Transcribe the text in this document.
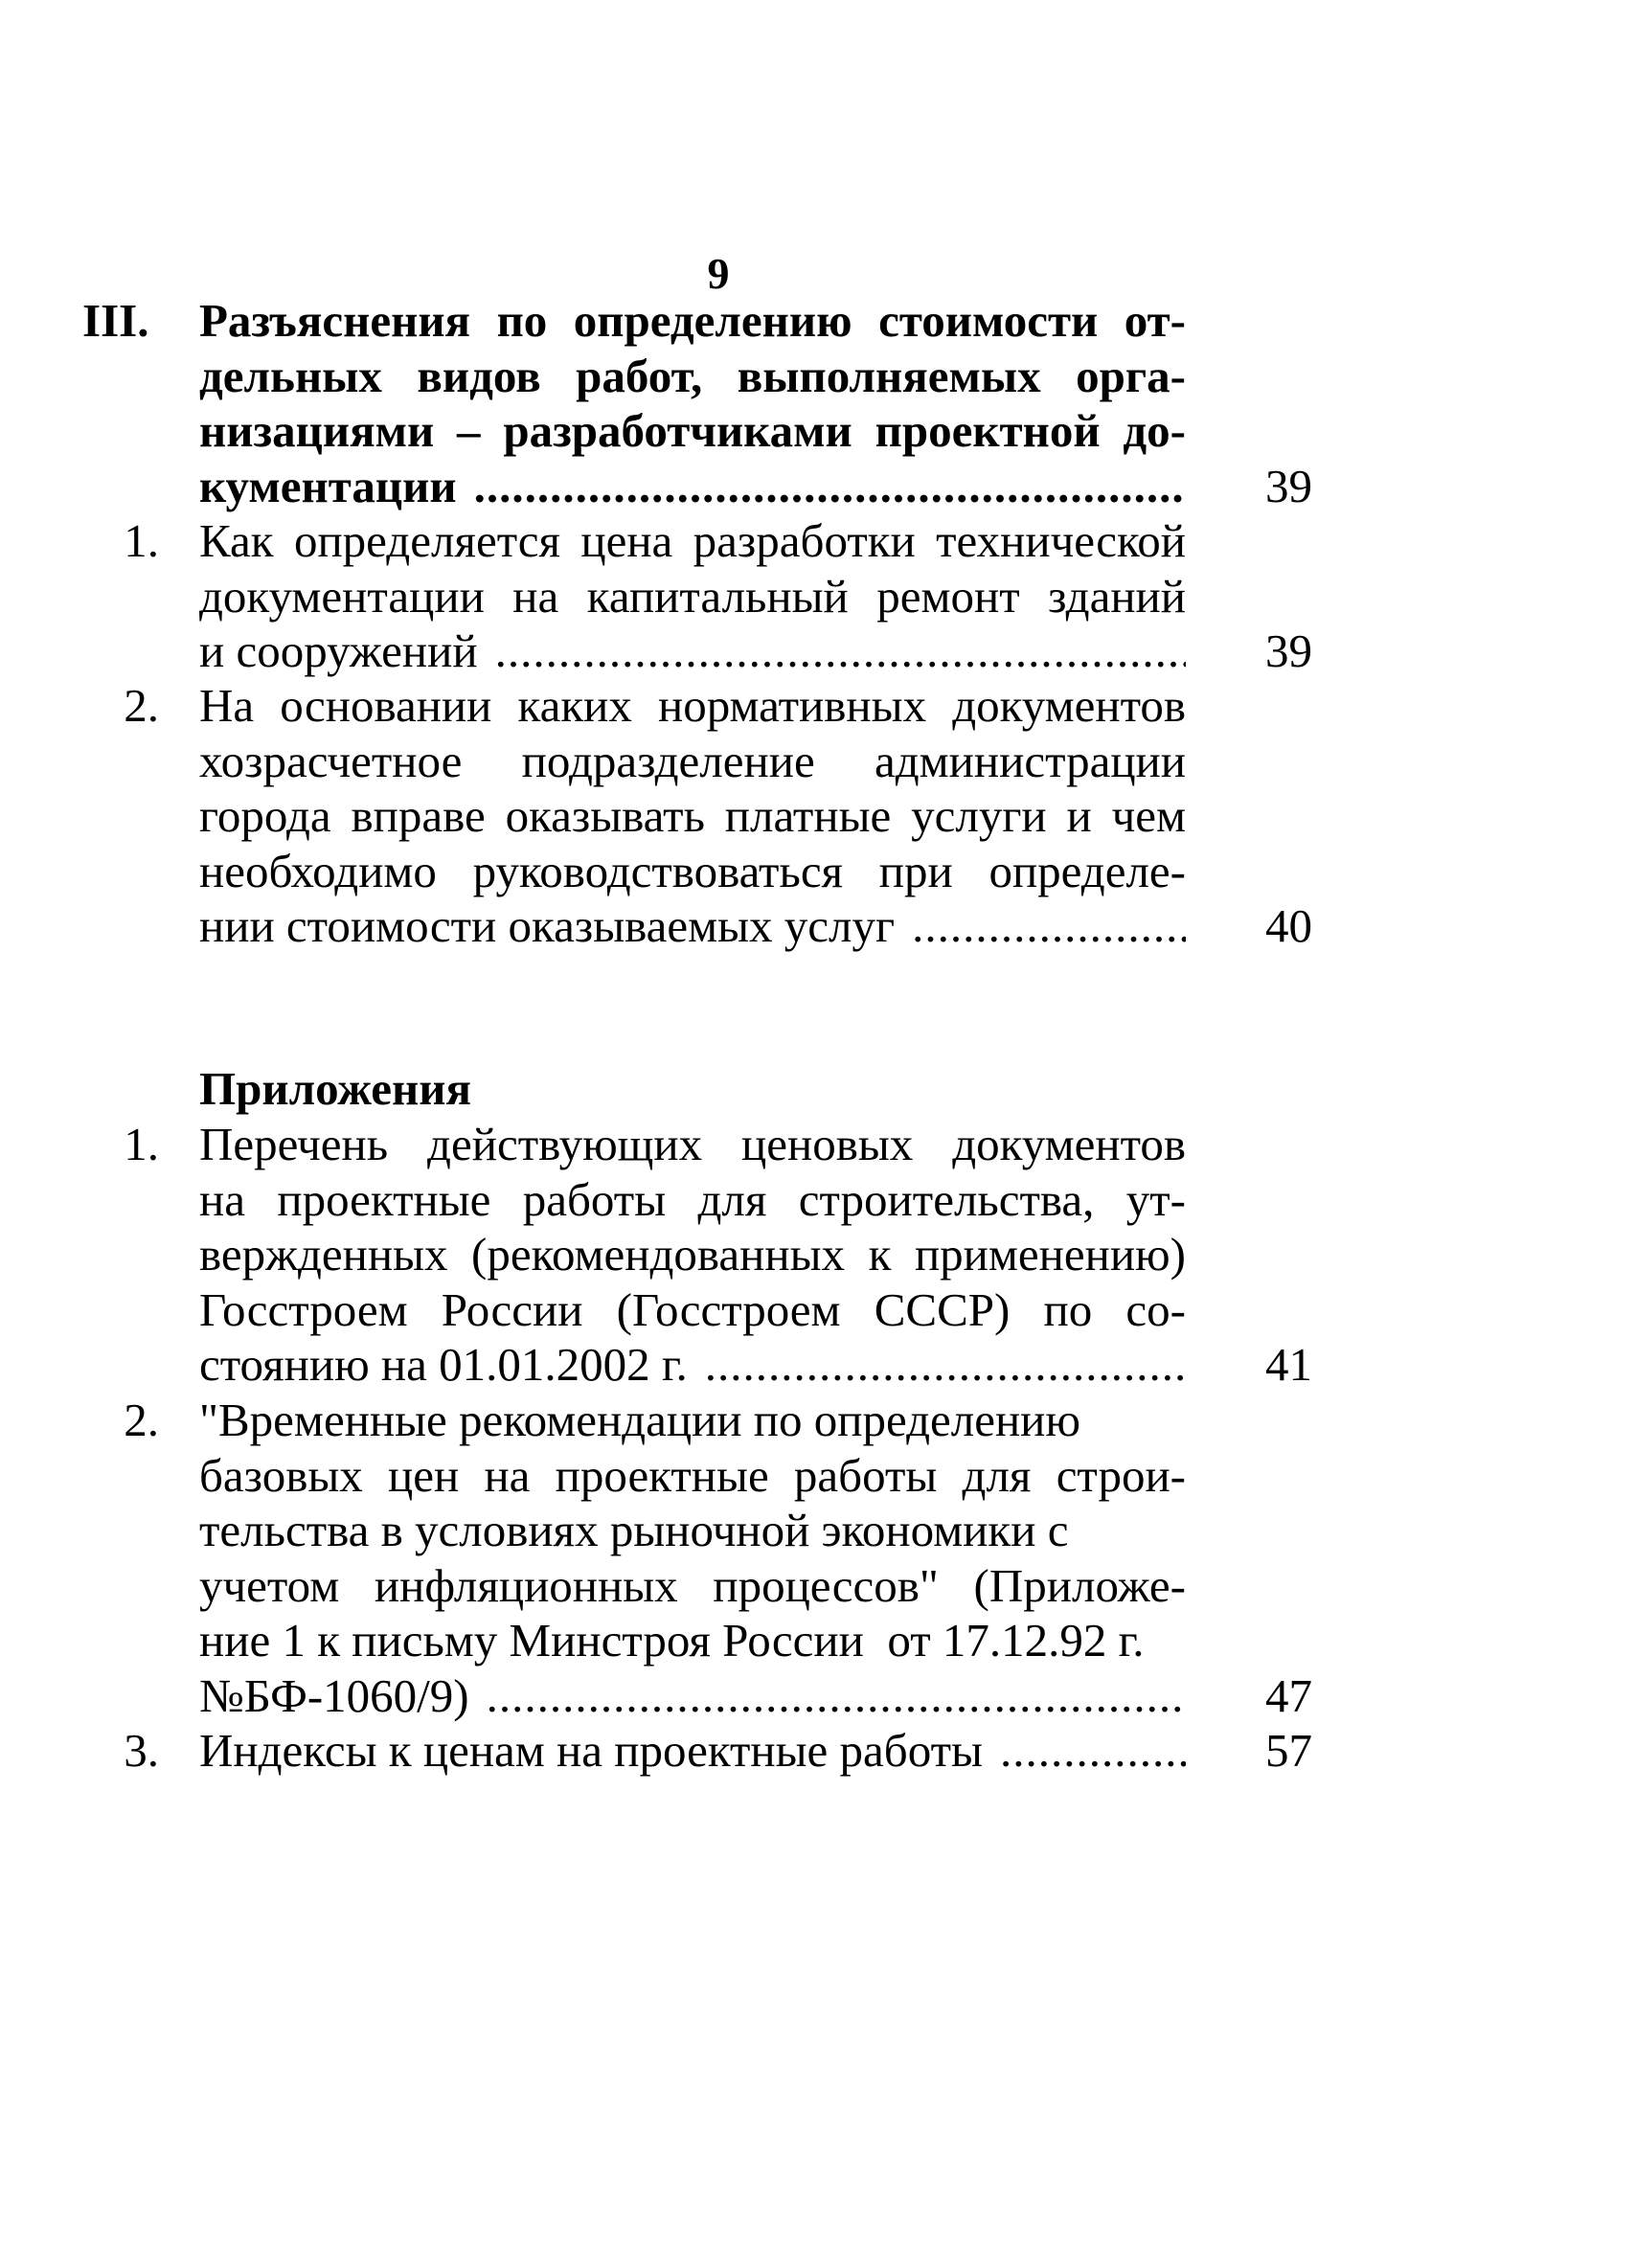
9
III.	Разъяснения по определению стоимости от-
дельных видов работ, выполняемых орга-
низациями – разработчиками проектной до-
кументации .....	39
1. Как определяется цена разработки технической
документации на капитальный ремонт зданий
и сооружений .....	39
2. На основании каких нормативных документов
хозрасчетное подразделение администрации
города вправе оказывать платные услуги и чем
необходимо руководствоваться при определе-
нии стоимости оказываемых услуг .....	40
Приложения
1. Перечень действующих ценовых документов
на проектные работы для строительства, ут-
вержденных (рекомендованных к применению)
Госстроем России (Госстроем СССР) по со-
стоянию на 01.01.2002 г. .....	41
2. "Временные рекомендации по определению
базовых цен на проектные работы для строи-
тельства в условиях рыночной экономики с
учетом инфляционных процессов" (Приложе-
ние 1 к письму Минстроя России  от 17.12.92 г.
№БФ-1060/9) .....	47
3. Индексы к ценам на проектные работы .....	57
